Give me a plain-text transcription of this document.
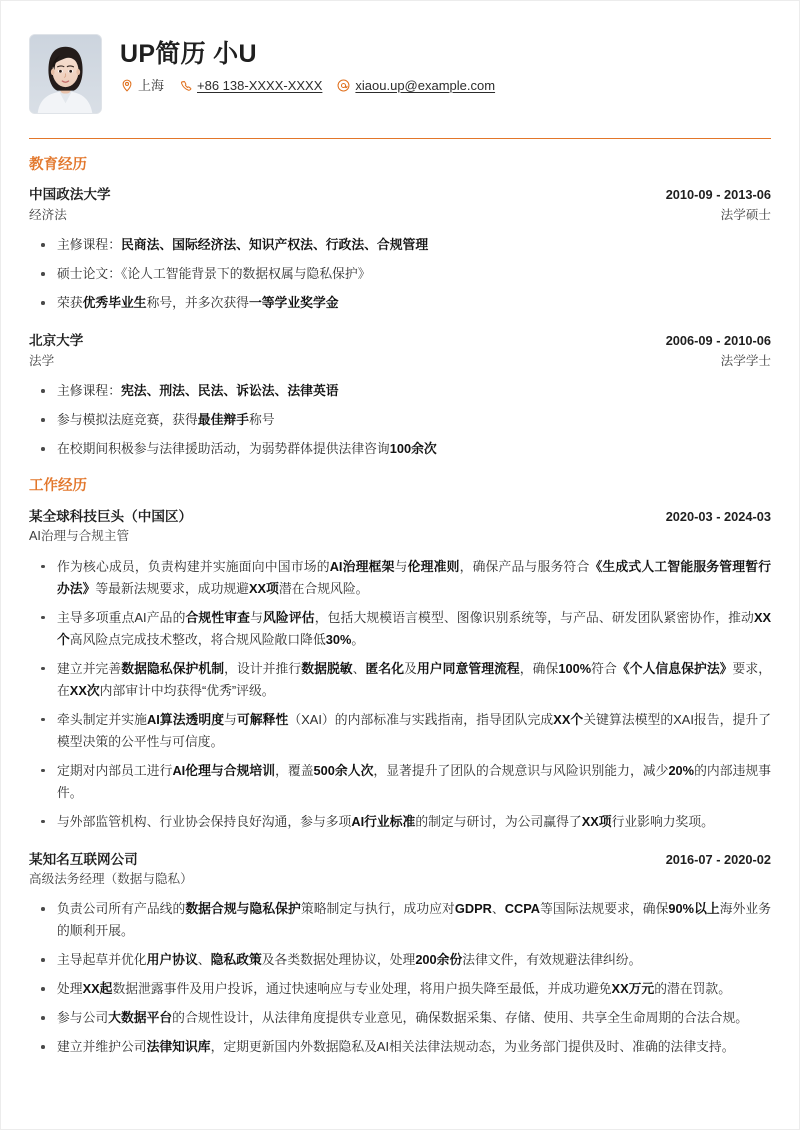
UP简历 小U
上海	+86 138-XXXX-XXXX	xiaou.up@example.com
教育经历
中国政法大学	2010-09 - 2013-06
经济法	法学硕士
主修课程：民商法、国际经济法、知识产权法、行政法、合规管理
硕士论文：《论人工智能背景下的数据权属与隐私保护》
荣获优秀毕业生称号，并多次获得一等学业奖学金
北京大学	2006-09 - 2010-06
法学	法学学士
主修课程：宪法、刑法、民法、诉讼法、法律英语
参与模拟法庭竞赛，获得最佳辩手称号
在校期间积极参与法律援助活动，为弱势群体提供法律咨询100余次
工作经历
某全球科技巨头（中国区）	2020-03 - 2024-03
AI治理与合规主管
作为核心成员，负责构建并实施面向中国市场的AI治理框架与伦理准则，确保产品与服务符合《生成式人工智能服务管理暂行办法》等最新法规要求，成功规避XX项潜在合规风险。
主导多项重点AI产品的合规性审查与风险评估，包括大规模语言模型、图像识别系统等，与产品、研发团队紧密协作，推动XX个高风险点完成技术整改，将合规风险敞口降低30%。
建立并完善数据隐私保护机制，设计并推行数据脱敏、匿名化及用户同意管理流程，确保100%符合《个人信息保护法》要求，在XX次内部审计中均获得“优秀”评级。
牵头制定并实施AI算法透明度与可解释性（XAI）的内部标准与实践指南，指导团队完成XX个关键算法模型的XAI报告，提升了模型决策的公平性与可信度。
定期对内部员工进行AI伦理与合规培训，覆盖500余人次，显著提升了团队的合规意识与风险识别能力，减少20%的内部违规事件。
与外部监管机构、行业协会保持良好沟通，参与多项AI行业标准的制定与研讨，为公司赢得了XX项行业影响力奖项。
某知名互联网公司	2016-07 - 2020-02
高级法务经理（数据与隐私）
负责公司所有产品线的数据合规与隐私保护策略制定与执行，成功应对GDPR、CCPA等国际法规要求，确保90%以上海外业务的顺利开展。
主导起草并优化用户协议、隐私政策及各类数据处理协议，处理200余份法律文件，有效规避法律纠纷。
处理XX起数据泄露事件及用户投诉，通过快速响应与专业处理，将用户损失降至最低，并成功避免XX万元的潜在罚款。
参与公司大数据平台的合规性设计，从法律角度提供专业意见，确保数据采集、存储、使用、共享全生命周期的合法合规。
建立并维护公司法律知识库，定期更新国内外数据隐私及AI相关法律法规动态，为业务部门提供及时、准确的法律支持。
